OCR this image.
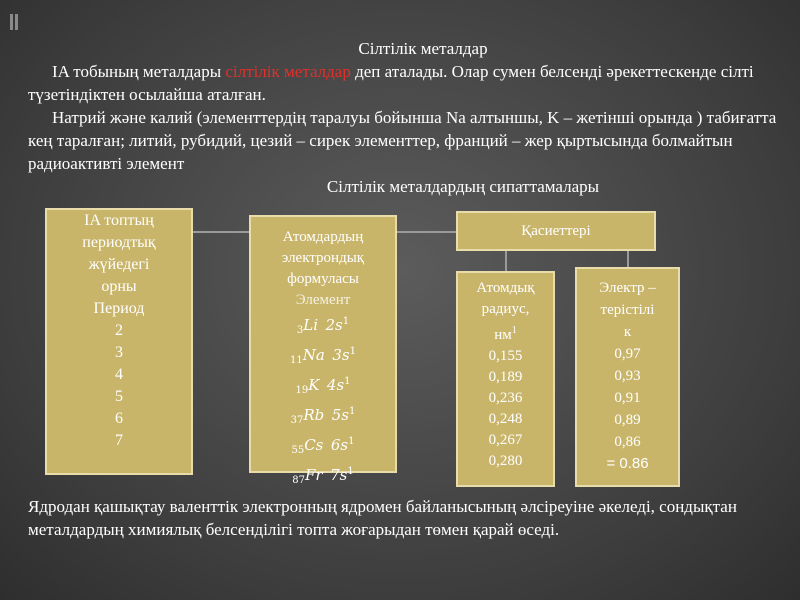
Сілтілік металдар

IA тобының металдары сілтілік металдар деп аталады. Олар сумен белсенді әрекеттескенде сілті түзетіндіктен осылайша аталған.

Натрий және калий (элементтердің таралуы бойынша Na алтыншы, K – жетінші орында ) табиғатта кең таралған; литий, рубидий, цезий – сирек элементтер, франций – жер қыртысында болмайтын радиоактивті элемент

Сілтілік металдардың сипаттамалары

IA топтың
периодтық
жүйедегі
орны
Период
2
3
4
5
6
7
Атомдардың
электрондық
формуласы
Элемент
$_3$Li $2s^1$
$_{11}$Na $3s^1$
$_{19}$K $4s^1$
$_{37}$Rb $5s^1$
$_{55}$Cs $6s^1$
$_{87}$Fr $7s^1$
Қасиеттері
Атомдық
радиус,
$нм^1$
0,155
0,189
0,236
0,248
0,267
0,280
Электр –
терістілі
к
0,97
0,93
0,91
0,89
0,86
= 0.86

Ядродан қашықтау валенттік электронның ядромен байланысының әлсіреуіне әкеледі, сондықтан металдардың химиялық белсенділігі топта жоғарыдан төмен қарай өседі.
